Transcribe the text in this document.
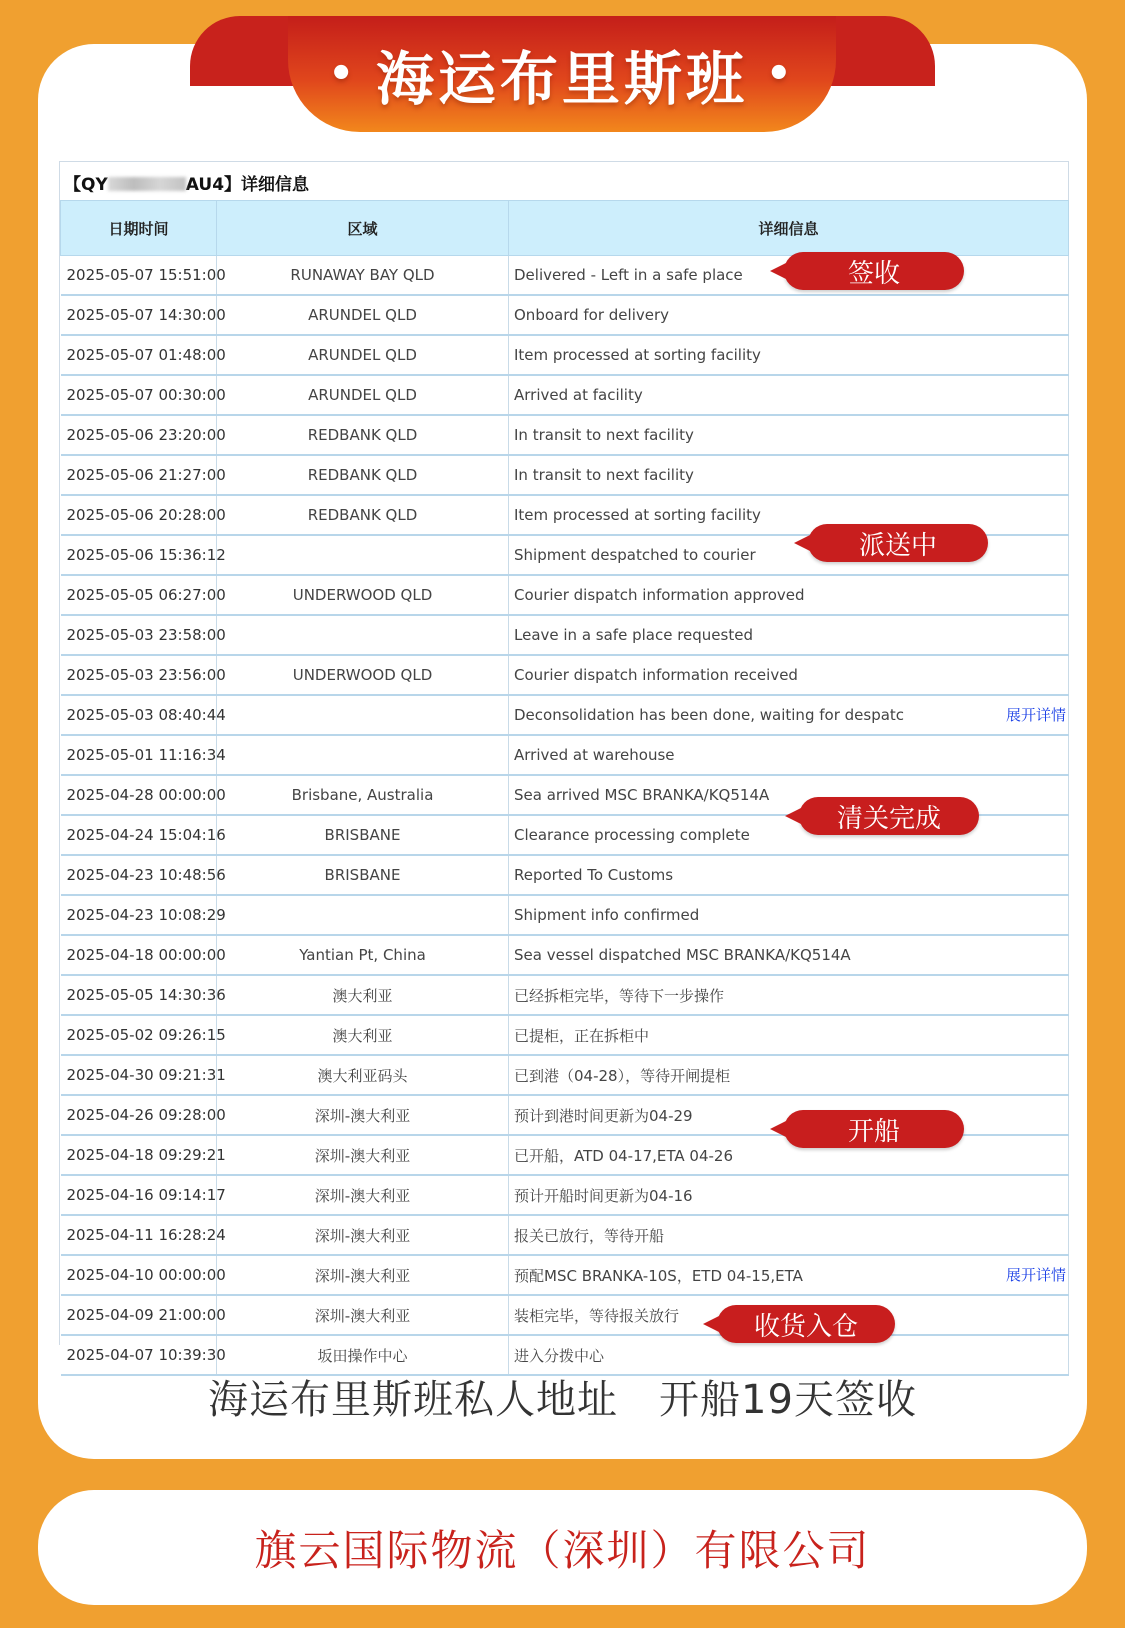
• 海运布里斯班 •
【QY	AU4】详细信息
日期时间	区域	详细信息
2025-05-07 15:51:00	RUNAWAY BAY QLD	Delivered - Left in a safe place
2025-05-07 14:30:00	ARUNDEL QLD	Onboard for delivery
2025-05-07 01:48:00	ARUNDEL QLD	Item processed at sorting facility
2025-05-07 00:30:00	ARUNDEL QLD	Arrived at facility
2025-05-06 23:20:00	REDBANK QLD	In transit to next facility
2025-05-06 21:27:00	REDBANK QLD	In transit to next facility
2025-05-06 20:28:00	REDBANK QLD	Item processed at sorting facility
2025-05-06 15:36:12		Shipment despatched to courier
2025-05-05 06:27:00	UNDERWOOD QLD	Courier dispatch information approved
2025-05-03 23:58:00		Leave in a safe place requested
2025-05-03 23:56:00	UNDERWOOD QLD	Courier dispatch information received
2025-05-03 08:40:44		Deconsolidation has been done, waiting for despatc 展开详情

2025-05-01 11:16:34		Arrived at warehouse
2025-04-28 00:00:00	Brisbane, Australia	Sea arrived MSC BRANKA/KQ514A
2025-04-24 15:04:16	BRISBANE	Clearance processing complete
2025-04-23 10:48:56	BRISBANE	Reported To Customs
2025-04-23 10:08:29		Shipment info confirmed
2025-04-18 00:00:00	Yantian Pt, China	Sea vessel dispatched MSC BRANKA/KQ514A
2025-05-05 14:30:36	澳大利亚	已经拆柜完毕，等待下一步操作
2025-05-02 09:26:15	澳大利亚	已提柜，正在拆柜中
2025-04-30 09:21:31	澳大利亚码头	已到港（04-28），等待开闸提柜
2025-04-26 09:28:00	深圳-澳大利亚	预计到港时间更新为04-29
2025-04-18 09:29:21	深圳-澳大利亚	已开船，ATD 04-17,ETA 04-26
2025-04-16 09:14:17	深圳-澳大利亚	预计开船时间更新为04-16
2025-04-11 16:28:24	深圳-澳大利亚	报关已放行，等待开船
2025-04-10 00:00:00	深圳-澳大利亚	预配MSC BRANKA-10S，ETD 04-15,ETA 展开详情

2025-04-09 21:00:00	深圳-澳大利亚	装柜完毕，等待报关放行
2025-04-07 10:39:30	坂田操作中心	进入分拨中心
签收
派送中
清关完成
开船
收货入仓
海运布里斯班私人地址　开船19天签收
旗云国际物流（深圳）有限公司
